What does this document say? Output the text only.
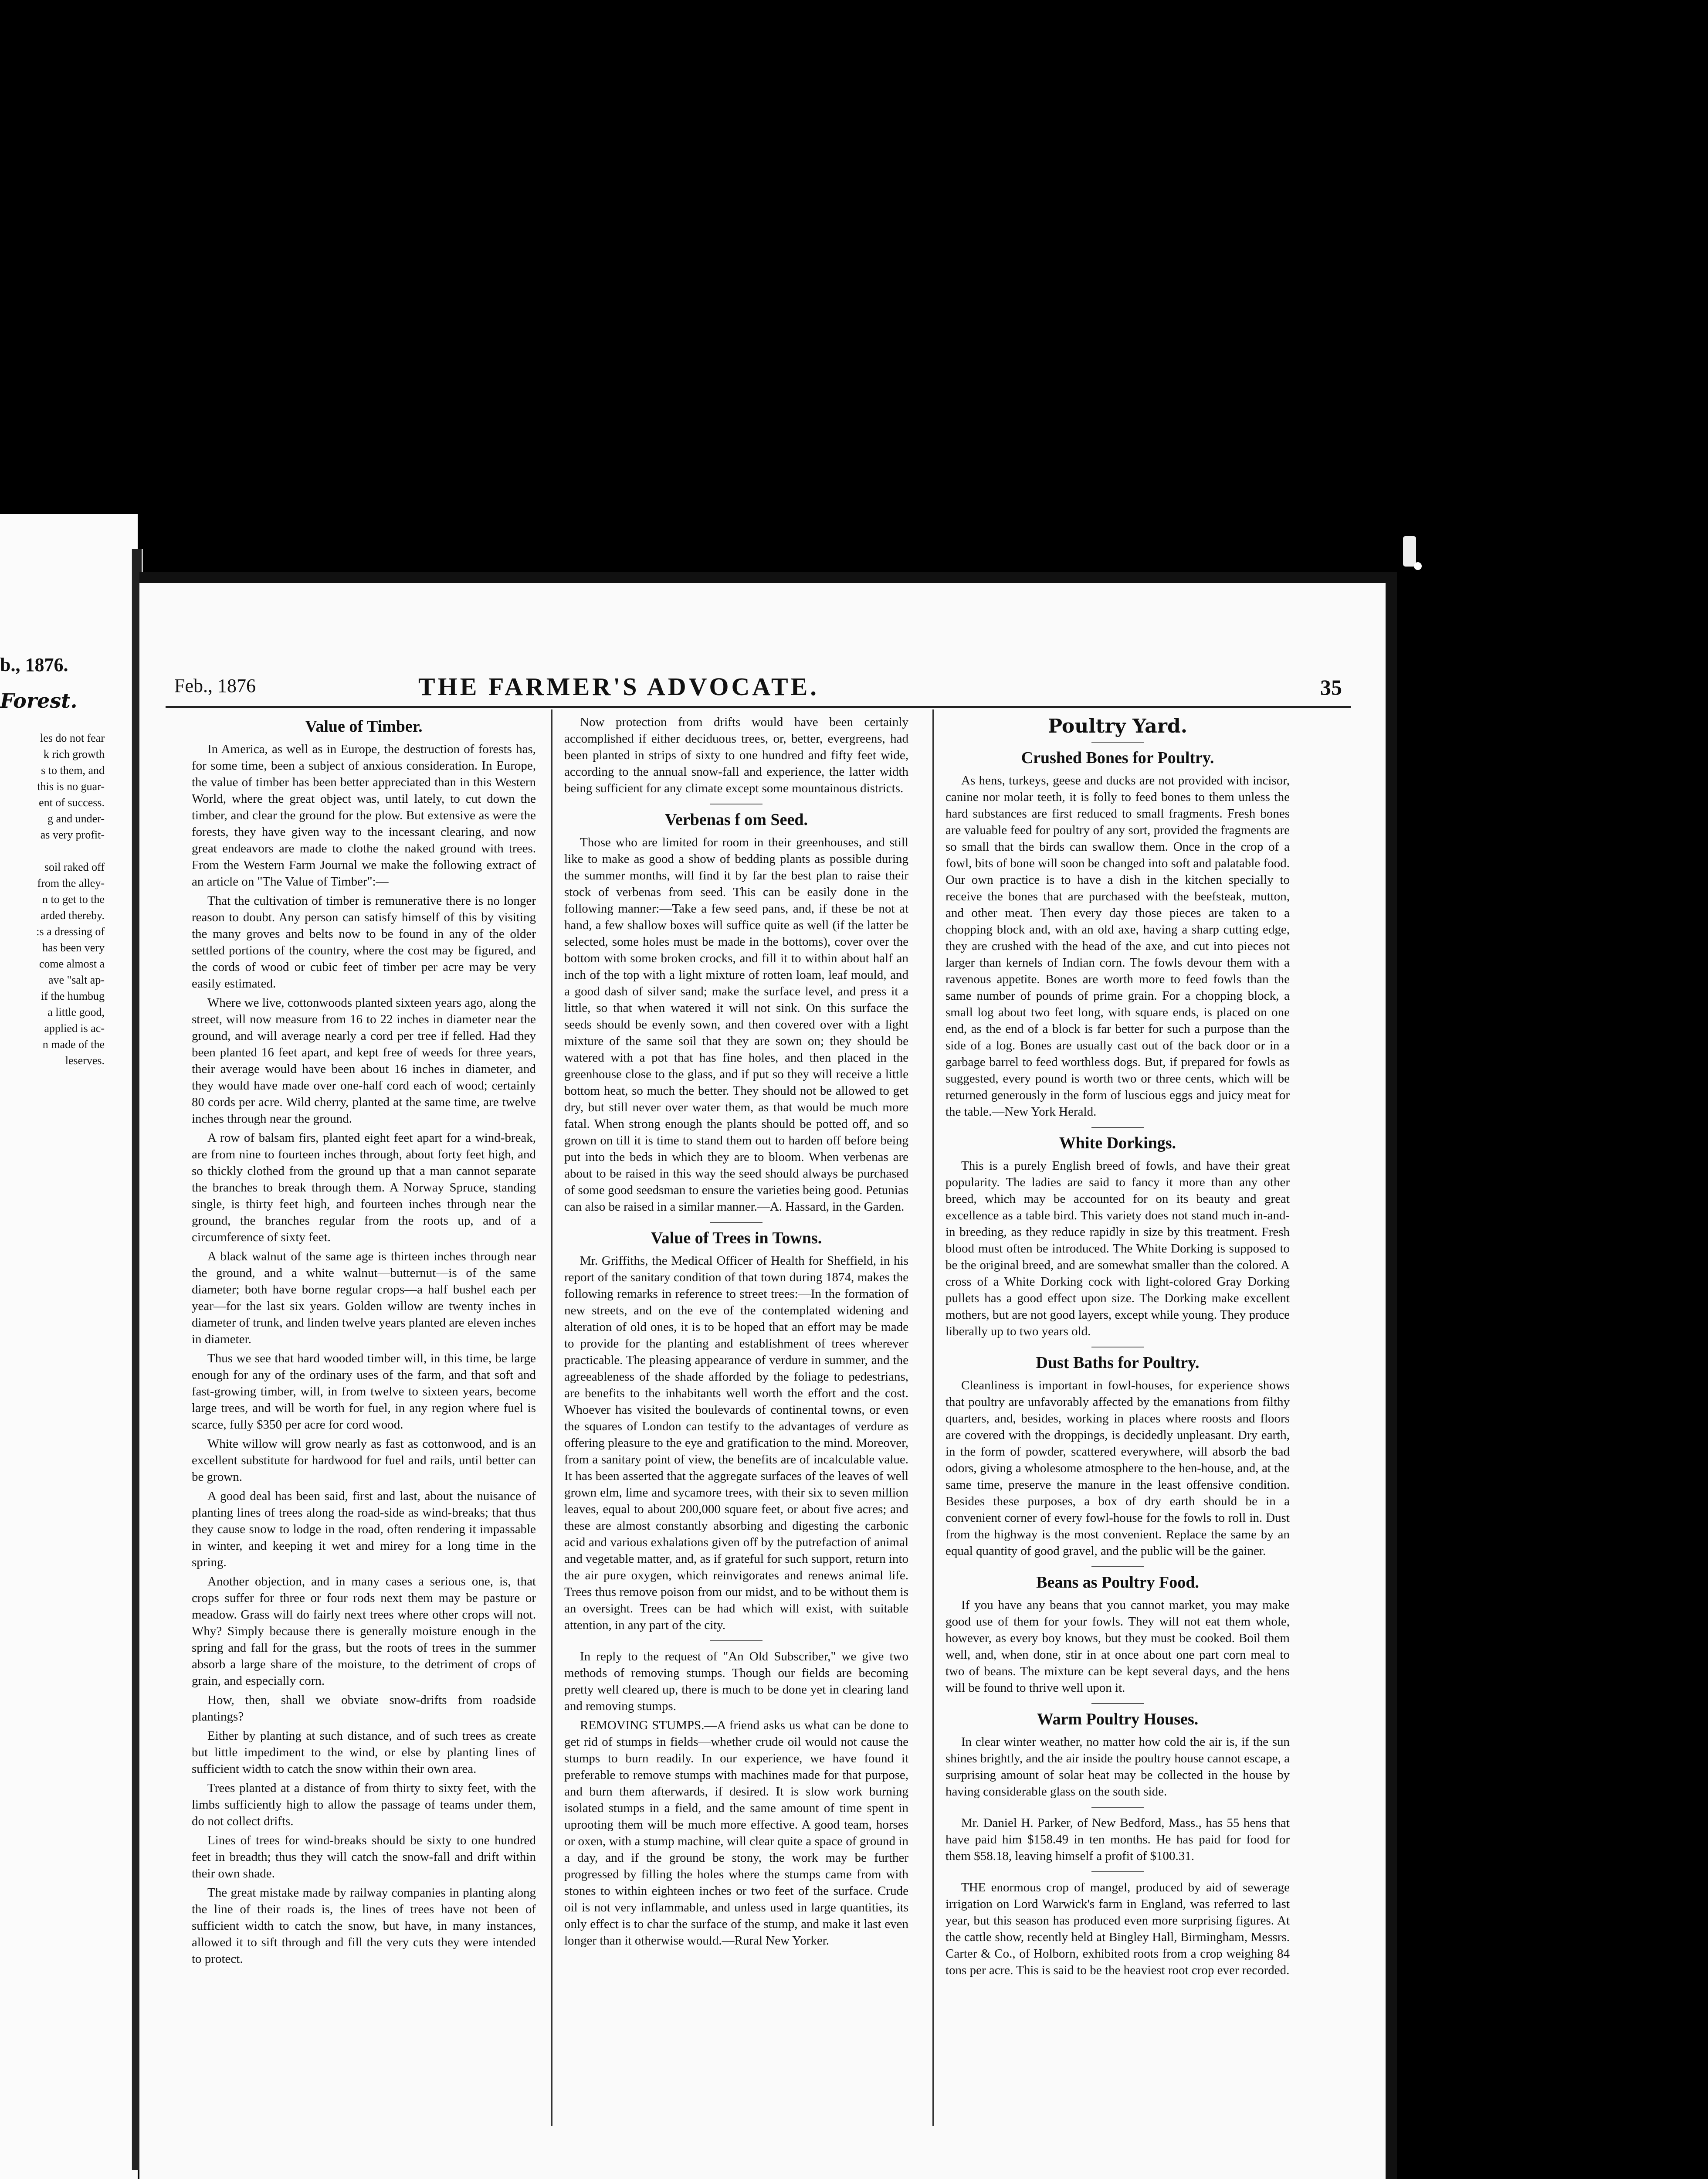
b., 1876.
Forest.
les do not fear
k rich growth
s to them, and
this is no guar-
ent of success.
g and under-
as very profit-

soil raked off
from the alley-
n to get to the
arded thereby.
:s a dressing of
has been very
come almost a
ave "salt ap-
if the humbug
a little good,
applied is ac-
n made of the
leserves.
Feb., 1876	THE FARMER'S ADVOCATE.	35
Value of Timber.

In America, as well as in Europe, the destruction of forests has, for some time, been a subject of anxious consideration. In Europe, the value of timber has been better appreciated than in this Western World, where the great object was, until lately, to cut down the timber, and clear the ground for the plow. But extensive as were the forests, they have given way to the incessant clearing, and now great endeavors are made to clothe the naked ground with trees. From the Western Farm Journal we make the following extract of an article on "The Value of Timber":—

That the cultivation of timber is remunerative there is no longer reason to doubt. Any person can satisfy himself of this by visiting the many groves and belts now to be found in any of the older settled portions of the country, where the cost may be figured, and the cords of wood or cubic feet of timber per acre may be very easily estimated.

Where we live, cottonwoods planted sixteen years ago, along the street, will now measure from 16 to 22 inches in diameter near the ground, and will average nearly a cord per tree if felled. Had they been planted 16 feet apart, and kept free of weeds for three years, their average would have been about 16 inches in diameter, and they would have made over one-half cord each of wood; certainly 80 cords per acre. Wild cherry, planted at the same time, are twelve inches through near the ground.

A row of balsam firs, planted eight feet apart for a wind-break, are from nine to fourteen inches through, about forty feet high, and so thickly clothed from the ground up that a man cannot separate the branches to break through them. A Norway Spruce, standing single, is thirty feet high, and fourteen inches through near the ground, the branches regular from the roots up, and of a circumference of sixty feet.

A black walnut of the same age is thirteen inches through near the ground, and a white walnut—butternut—is of the same diameter; both have borne regular crops—a half bushel each per year—for the last six years. Golden willow are twenty inches in diameter of trunk, and linden twelve years planted are eleven inches in diameter.

Thus we see that hard wooded timber will, in this time, be large enough for any of the ordinary uses of the farm, and that soft and fast-growing timber, will, in from twelve to sixteen years, become large trees, and will be worth for fuel, in any region where fuel is scarce, fully $350 per acre for cord wood.

White willow will grow nearly as fast as cottonwood, and is an excellent substitute for hardwood for fuel and rails, until better can be grown.

A good deal has been said, first and last, about the nuisance of planting lines of trees along the road-side as wind-breaks; that thus they cause snow to lodge in the road, often rendering it impassable in winter, and keeping it wet and mirey for a long time in the spring.

Another objection, and in many cases a serious one, is, that crops suffer for three or four rods next them may be pasture or meadow. Grass will do fairly next trees where other crops will not. Why? Simply because there is generally moisture enough in the spring and fall for the grass, but the roots of trees in the summer absorb a large share of the moisture, to the detriment of crops of grain, and especially corn.

How, then, shall we obviate snow-drifts from roadside plantings?

Either by planting at such distance, and of such trees as create but little impediment to the wind, or else by planting lines of sufficient width to catch the snow within their own area.

Trees planted at a distance of from thirty to sixty feet, with the limbs sufficiently high to allow the passage of teams under them, do not collect drifts.

Lines of trees for wind-breaks should be sixty to one hundred feet in breadth; thus they will catch the snow-fall and drift within their own shade.

The great mistake made by railway companies in planting along the line of their roads is, the lines of trees have not been of sufficient width to catch the snow, but have, in many instances, allowed it to sift through and fill the very cuts they were intended to protect.

Now protection from drifts would have been certainly accomplished if either deciduous trees, or, better, evergreens, had been planted in strips of sixty to one hundred and fifty feet wide, according to the annual snow-fall and experience, the latter width being sufficient for any climate except some mountainous districts.

Verbenas f om Seed.

Those who are limited for room in their greenhouses, and still like to make as good a show of bedding plants as possible during the summer months, will find it by far the best plan to raise their stock of verbenas from seed. This can be easily done in the following manner:—Take a few seed pans, and, if these be not at hand, a few shallow boxes will suffice quite as well (if the latter be selected, some holes must be made in the bottoms), cover over the bottom with some broken crocks, and fill it to within about half an inch of the top with a light mixture of rotten loam, leaf mould, and a good dash of silver sand; make the surface level, and press it a little, so that when watered it will not sink. On this surface the seeds should be evenly sown, and then covered over with a light mixture of the same soil that they are sown on; they should be watered with a pot that has fine holes, and then placed in the greenhouse close to the glass, and if put so they will receive a little bottom heat, so much the better. They should not be allowed to get dry, but still never over water them, as that would be much more fatal. When strong enough the plants should be potted off, and so grown on till it is time to stand them out to harden off before being put into the beds in which they are to bloom. When verbenas are about to be raised in this way the seed should always be purchased of some good seedsman to ensure the varieties being good. Petunias can also be raised in a similar manner.—A. Hassard, in the Garden.

Value of Trees in Towns.

Mr. Griffiths, the Medical Officer of Health for Sheffield, in his report of the sanitary condition of that town during 1874, makes the following remarks in reference to street trees:—In the formation of new streets, and on the eve of the contemplated widening and alteration of old ones, it is to be hoped that an effort may be made to provide for the planting and establishment of trees wherever practicable. The pleasing appearance of verdure in summer, and the agreeableness of the shade afforded by the foliage to pedestrians, are benefits to the inhabitants well worth the effort and the cost. Whoever has visited the boulevards of continental towns, or even the squares of London can testify to the advantages of verdure as offering pleasure to the eye and gratification to the mind. Moreover, from a sanitary point of view, the benefits are of incalculable value. It has been asserted that the aggregate surfaces of the leaves of well grown elm, lime and sycamore trees, with their six to seven million leaves, equal to about 200,000 square feet, or about five acres; and these are almost constantly absorbing and digesting the carbonic acid and various exhalations given off by the putrefaction of animal and vegetable matter, and, as if grateful for such support, return into the air pure oxygen, which reinvigorates and renews animal life. Trees thus remove poison from our midst, and to be without them is an oversight. Trees can be had which will exist, with suitable attention, in any part of the city.

In reply to the request of "An Old Subscriber," we give two methods of removing stumps. Though our fields are becoming pretty well cleared up, there is much to be done yet in clearing land and removing stumps.

REMOVING STUMPS.—A friend asks us what can be done to get rid of stumps in fields—whether crude oil would not cause the stumps to burn readily. In our experience, we have found it preferable to remove stumps with machines made for that purpose, and burn them afterwards, if desired. It is slow work burning isolated stumps in a field, and the same amount of time spent in uprooting them will be much more effective. A good team, horses or oxen, with a stump machine, will clear quite a space of ground in a day, and if the ground be stony, the work may be further progressed by filling the holes where the stumps came from with stones to within eighteen inches or two feet of the surface. Crude oil is not very inflammable, and unless used in large quantities, its only effect is to char the surface of the stump, and make it last even longer than it otherwise would.—Rural New Yorker.

Poultry Yard.
Crushed Bones for Poultry.

As hens, turkeys, geese and ducks are not provided with incisor, canine nor molar teeth, it is folly to feed bones to them unless the hard substances are first reduced to small fragments. Fresh bones are valuable feed for poultry of any sort, provided the fragments are so small that the birds can swallow them. Once in the crop of a fowl, bits of bone will soon be changed into soft and palatable food. Our own practice is to have a dish in the kitchen specially to receive the bones that are purchased with the beefsteak, mutton, and other meat. Then every day those pieces are taken to a chopping block and, with an old axe, having a sharp cutting edge, they are crushed with the head of the axe, and cut into pieces not larger than kernels of Indian corn. The fowls devour them with a ravenous appetite. Bones are worth more to feed fowls than the same number of pounds of prime grain. For a chopping block, a small log about two feet long, with square ends, is placed on one end, as the end of a block is far better for such a purpose than the side of a log. Bones are usually cast out of the back door or in a garbage barrel to feed worthless dogs. But, if prepared for fowls as suggested, every pound is worth two or three cents, which will be returned generously in the form of luscious eggs and juicy meat for the table.—New York Herald.

White Dorkings.

This is a purely English breed of fowls, and have their great popularity. The ladies are said to fancy it more than any other breed, which may be accounted for on its beauty and great excellence as a table bird. This variety does not stand much in-and-in breeding, as they reduce rapidly in size by this treatment. Fresh blood must often be introduced. The White Dorking is supposed to be the original breed, and are somewhat smaller than the colored. A cross of a White Dorking cock with light-colored Gray Dorking pullets has a good effect upon size. The Dorking make excellent mothers, but are not good layers, except while young. They produce liberally up to two years old.

Dust Baths for Poultry.

Cleanliness is important in fowl-houses, for experience shows that poultry are unfavorably affected by the emanations from filthy quarters, and, besides, working in places where roosts and floors are covered with the droppings, is decidedly unpleasant. Dry earth, in the form of powder, scattered everywhere, will absorb the bad odors, giving a wholesome atmosphere to the hen-house, and, at the same time, preserve the manure in the least offensive condition. Besides these purposes, a box of dry earth should be in a convenient corner of every fowl-house for the fowls to roll in. Dust from the highway is the most convenient. Replace the same by an equal quantity of good gravel, and the public will be the gainer.

Beans as Poultry Food.

If you have any beans that you cannot market, you may make good use of them for your fowls. They will not eat them whole, however, as every boy knows, but they must be cooked. Boil them well, and, when done, stir in at once about one part corn meal to two of beans. The mixture can be kept several days, and the hens will be found to thrive well upon it.

Warm Poultry Houses.

In clear winter weather, no matter how cold the air is, if the sun shines brightly, and the air inside the poultry house cannot escape, a surprising amount of solar heat may be collected in the house by having considerable glass on the south side.

Mr. Daniel H. Parker, of New Bedford, Mass., has 55 hens that have paid him $158.49 in ten months. He has paid for food for them $58.18, leaving himself a profit of $100.31.

THE enormous crop of mangel, produced by aid of sewerage irrigation on Lord Warwick's farm in England, was referred to last year, but this season has produced even more surprising figures. At the cattle show, recently held at Bingley Hall, Birmingham, Messrs. Carter & Co., of Holborn, exhibited roots from a crop weighing 84 tons per acre. This is said to be the heaviest root crop ever recorded.
